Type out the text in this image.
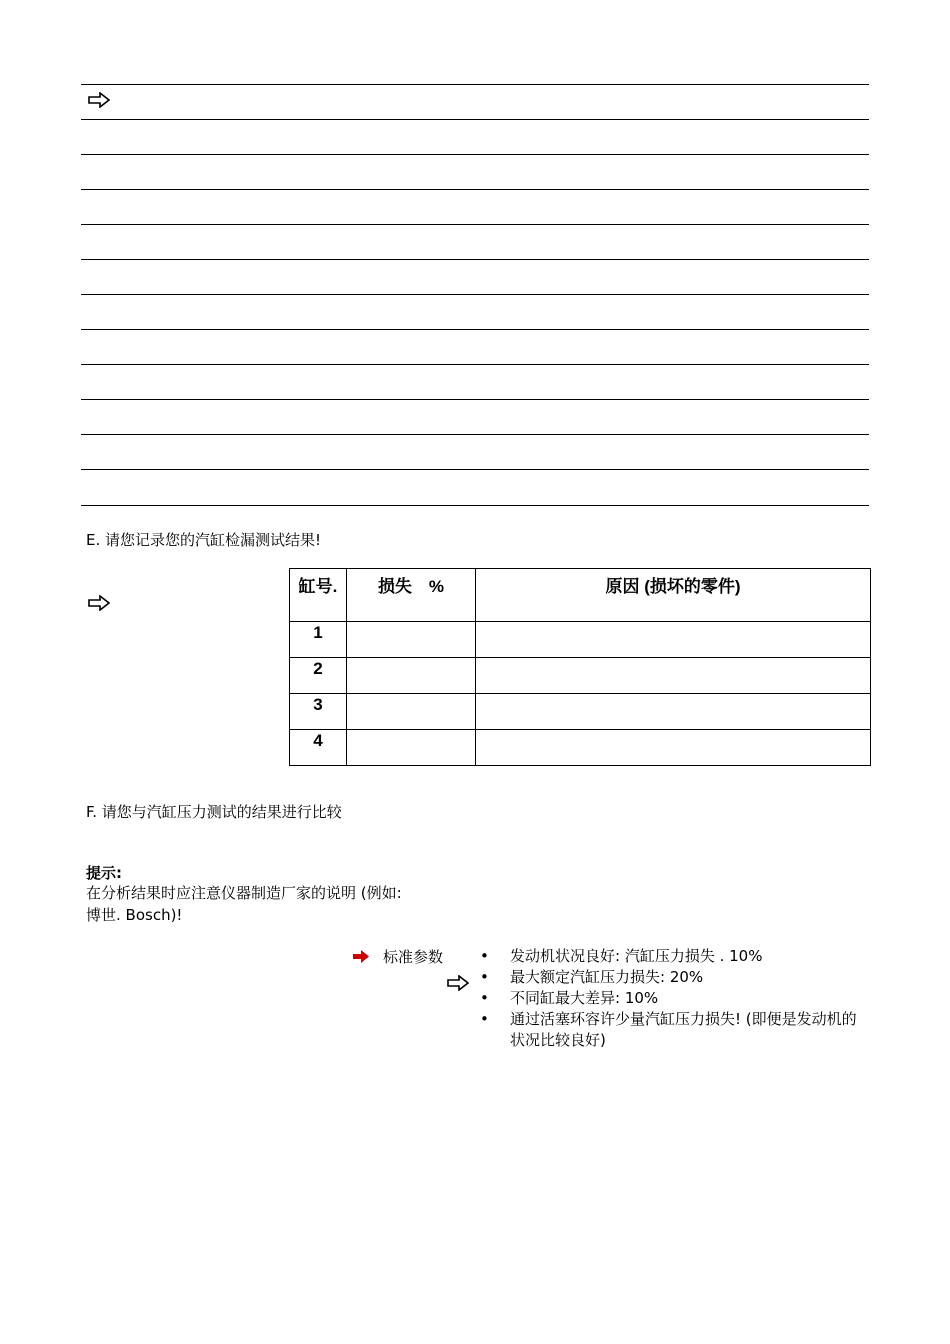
E. 请您记录您的汽缸检漏测试结果!
缸号.	损失　%	原因 (损坏的零件)
1		
2		
3		
4		
F. 请您与汽缸压力测试的结果进行比较
提示:
在分析结果时应注意仪器制造厂家的说明 (例如:
博世. Bosch)!
标准参数 • 发动机状况良好: 汽缸压力损失 . 10%
• 最大额定汽缸压力损失: 20%
• 不同缸最大差异: 10%
• 通过活塞环容许少量汽缸压力损失! (即便是发动机的状况比较良好)
